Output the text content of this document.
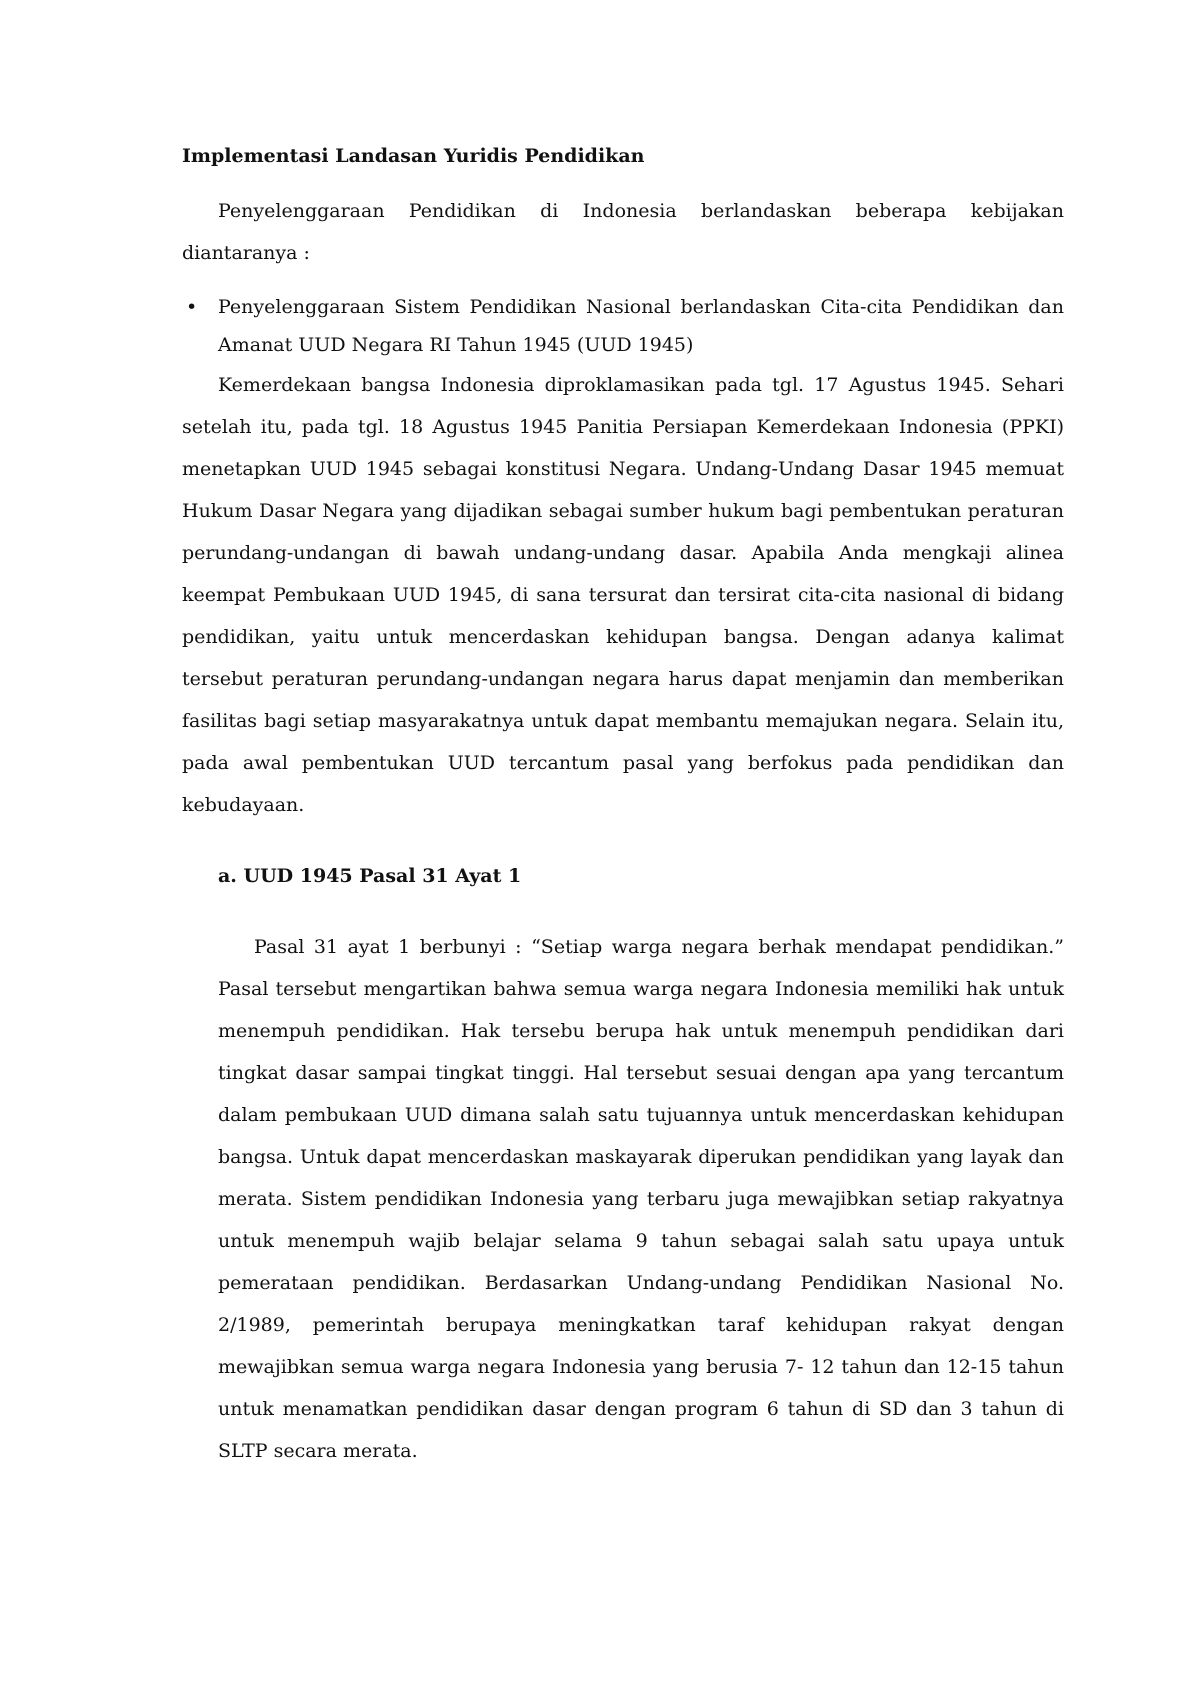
Implementasi Landasan Yuridis Pendidikan

Penyelenggaraan Pendidikan di Indonesia berlandaskan beberapa kebijakan diantaranya :

• Penyelenggaraan Sistem Pendidikan Nasional berlandaskan Cita-cita Pendidikan dan Amanat UUD Negara RI Tahun 1945 (UUD 1945)

Kemerdekaan bangsa Indonesia diproklamasikan pada tgl. 17 Agustus 1945. Sehari setelah itu, pada tgl. 18 Agustus 1945 Panitia Persiapan Kemerdekaan Indonesia (PPKI) menetapkan UUD 1945 sebagai konstitusi Negara. Undang-Undang Dasar 1945 memuat Hukum Dasar Negara yang dijadikan sebagai sumber hukum bagi pembentukan peraturan perundang-undangan di bawah undang-undang dasar. Apabila Anda mengkaji alinea keempat Pembukaan UUD 1945, di sana tersurat dan tersirat cita-cita nasional di bidang pendidikan, yaitu untuk mencerdaskan kehidupan bangsa. Dengan adanya kalimat tersebut peraturan perundang-undangan negara harus dapat menjamin dan memberikan fasilitas bagi setiap masyarakatnya untuk dapat membantu memajukan negara. Selain itu, pada awal pembentukan UUD tercantum pasal yang berfokus pada pendidikan dan kebudayaan.

a. UUD 1945 Pasal 31 Ayat 1

Pasal 31 ayat 1 berbunyi : “Setiap warga negara berhak mendapat pendidikan.” Pasal tersebut mengartikan bahwa semua warga negara Indonesia memiliki hak untuk menempuh pendidikan. Hak tersebu berupa hak untuk menempuh pendidikan dari tingkat dasar sampai tingkat tinggi. Hal tersebut sesuai dengan apa yang tercantum dalam pembukaan UUD dimana salah satu tujuannya untuk mencerdaskan kehidupan bangsa. Untuk dapat mencerdaskan maskayarak diperukan pendidikan yang layak dan merata. Sistem pendidikan Indonesia yang terbaru juga mewajibkan setiap rakyatnya untuk menempuh wajib belajar selama 9 tahun sebagai salah satu upaya untuk pemerataan pendidikan. Berdasarkan Undang-undang Pendidikan Nasional No. 2/1989, pemerintah berupaya meningkatkan taraf kehidupan rakyat dengan mewajibkan semua warga negara Indonesia yang berusia 7- 12 tahun dan 12-15 tahun untuk menamatkan pendidikan dasar dengan program 6 tahun di SD dan 3 tahun di SLTP secara merata.
